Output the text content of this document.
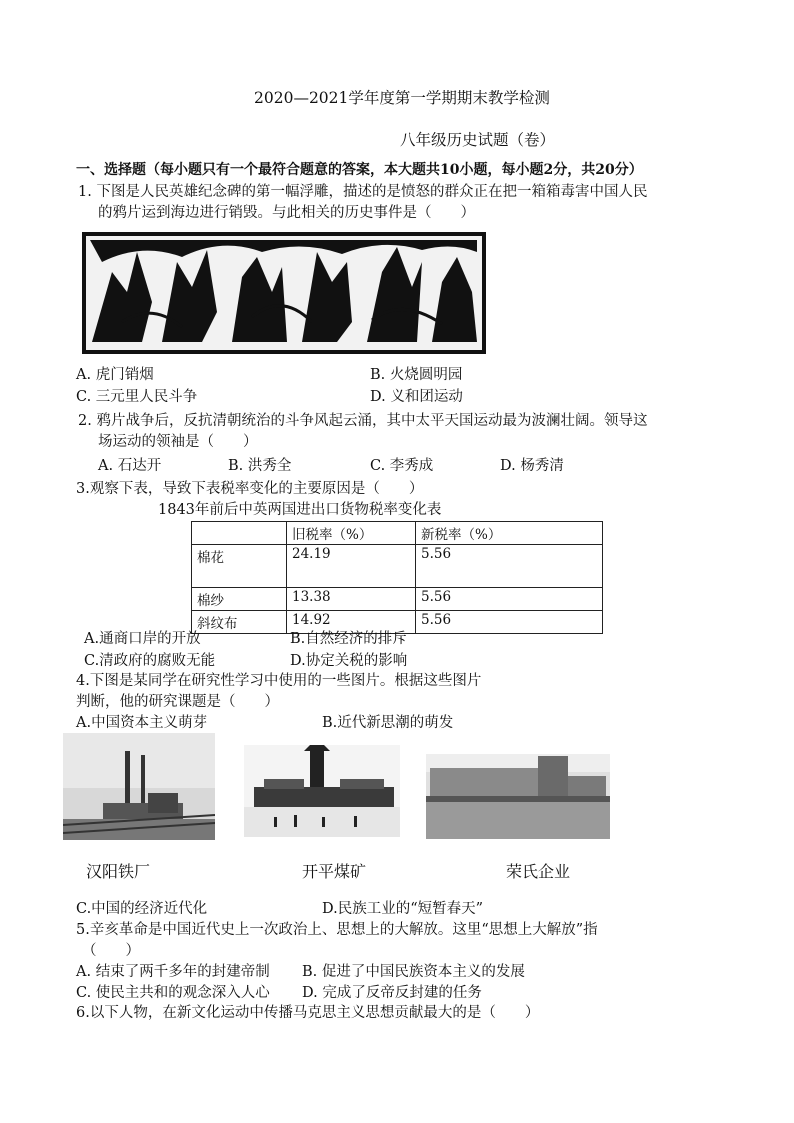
2020—2021学年度第一学期期末教学检测
八年级历史试题（卷）
一、选择题（每小题只有一个最符合题意的答案，本大题共10小题，每小题2分，共20分）
1. 下图是人民英雄纪念碑的第一幅浮雕，描述的是愤怒的群众正在把一箱箱毒害中国人民
的鸦片运到海边进行销毁。与此相关的历史事件是（　　）
A. 虎门销烟	B. 火烧圆明园
C. 三元里人民斗争	D. 义和团运动
2. 鸦片战争后，反抗清朝统治的斗争风起云涌，其中太平天国运动最为波澜壮阔。领导这
场运动的领袖是（　　）
A. 石达开	B. 洪秀全	C. 李秀成	D. 杨秀清
3.观察下表，导致下表税率变化的主要原因是（　　）
1843年前后中英两国进出口货物税率变化表
	旧税率（%）	新税率（%）
棉花	24.19	5.56
棉纱	13.38	5.56
斜纹布	14.92	5.56
A.通商口岸的开放	B.自然经济的排斥
C.清政府的腐败无能	D.协定关税的影响
4.下图是某同学在研究性学习中使用的一些图片。根据这些图片
判断，他的研究课题是（　　）
A.中国资本主义萌芽	B.近代新思潮的萌发
汉阳铁厂	开平煤矿	荣氏企业
C.中国的经济近代化	D.民族工业的“短暂春天”
5.辛亥革命是中国近代史上一次政治上、思想上的大解放。这里“思想上大解放”指
（　　）
A. 结束了两千多年的封建帝制 B. 促进了中国民族资本主义的发展
C. 使民主共和的观念深入人心 D. 完成了反帝反封建的任务
6.以下人物，在新文化运动中传播马克思主义思想贡献最大的是（　　）
